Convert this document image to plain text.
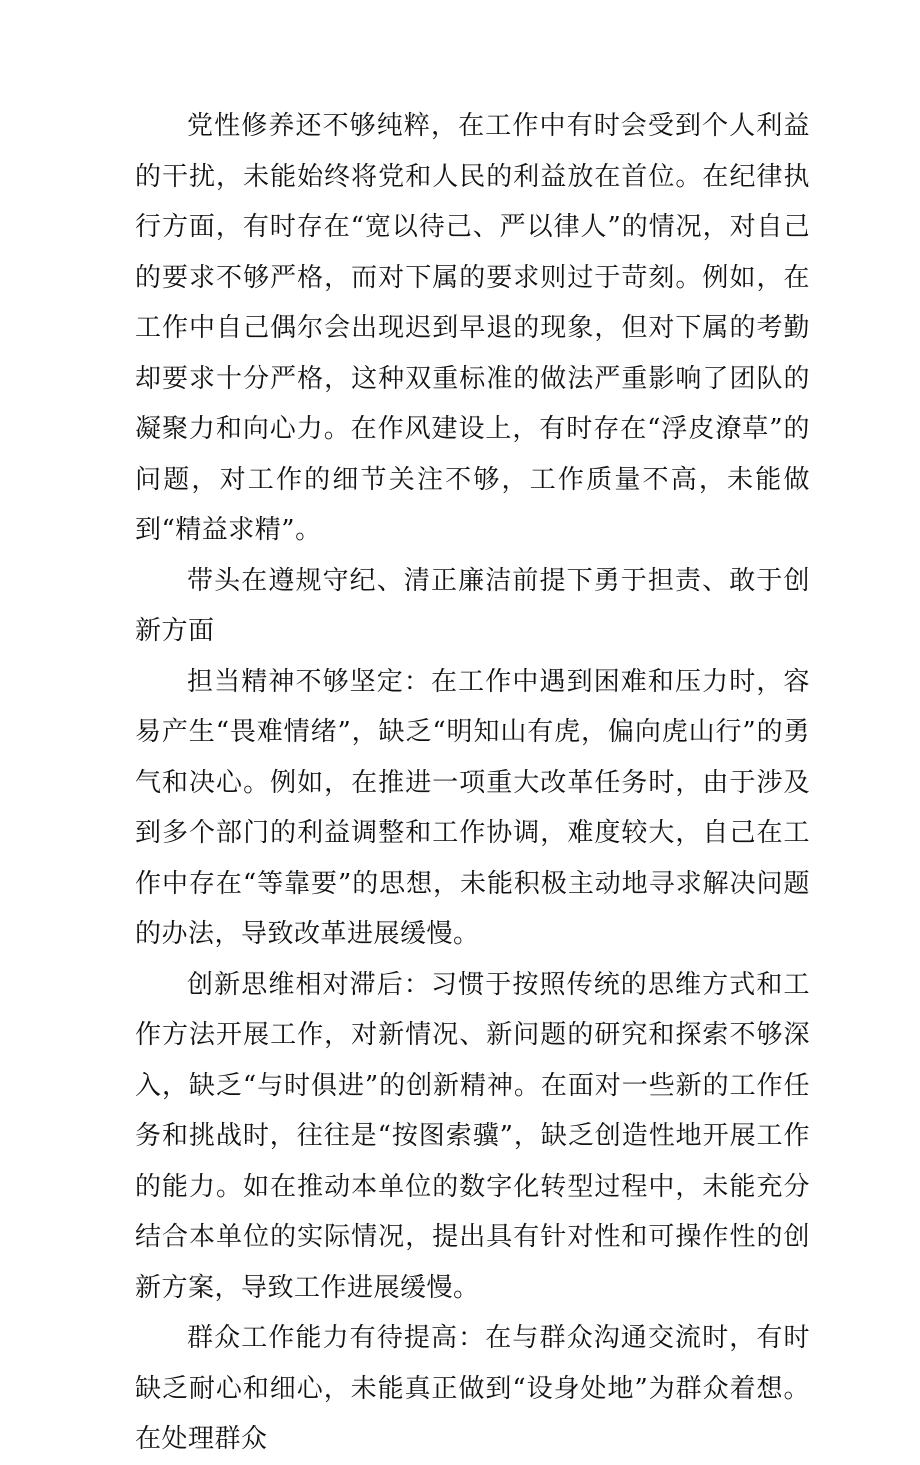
党性修养还不够纯粹，在工作中有时会受到个人利益的干扰，未能始终将党和人民的利益放在首位。在纪律执行方面，有时存在“宽以待己、严以律人”的情况，对自己的要求不够严格，而对下属的要求则过于苛刻。例如，在工作中自己偶尔会出现迟到早退的现象，但对下属的考勤却要求十分严格，这种双重标准的做法严重影响了团队的凝聚力和向心力。在作风建设上，有时存在“浮皮潦草”的问题，对工作的细节关注不够，工作质量不高，未能做到“精益求精”。

带头在遵规守纪、清正廉洁前提下勇于担责、敢于创新方面

担当精神不够坚定：在工作中遇到困难和压力时，容易产生“畏难情绪”，缺乏“明知山有虎，偏向虎山行”的勇气和决心。例如，在推进一项重大改革任务时，由于涉及到多个部门的利益调整和工作协调，难度较大，自己在工作中存在“等靠要”的思想，未能积极主动地寻求解决问题的办法，导致改革进展缓慢。

创新思维相对滞后：习惯于按照传统的思维方式和工作方法开展工作，对新情况、新问题的研究和探索不够深入，缺乏“与时俱进”的创新精神。在面对一些新的工作任务和挑战时，往往是“按图索骥”，缺乏创造性地开展工作的能力。如在推动本单位的数字化转型过程中，未能充分结合本单位的实际情况，提出具有针对性和可操作性的创新方案，导致工作进展缓慢。

群众工作能力有待提高：在与群众沟通交流时，有时缺乏耐心和细心，未能真正做到“设身处地”为群众着想。在处理群众
